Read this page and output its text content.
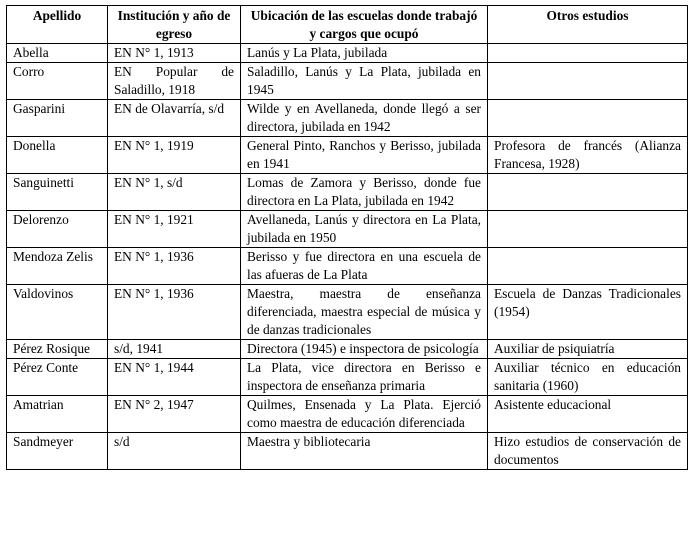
Apellido	Institución y año de egreso	Ubicación de las escuelas donde trabajó y cargos que ocupó	Otros estudios
Abella	EN N° 1, 1913	Lanús y La Plata, jubilada	
Corro	EN Popular de Saladillo, 1918	Saladillo, Lanús y La Plata, jubilada en 1945	
Gasparini	EN de Olavarría, s/d	Wilde y en Avellaneda, donde llegó a ser directora, jubilada en 1942	
Donella	EN N° 1, 1919	General Pinto, Ranchos y Berisso, jubilada en 1941	Profesora de francés (Alianza Francesa, 1928)
Sanguinetti	EN N° 1, s/d	Lomas de Zamora y Berisso, donde fue directora en La Plata, jubilada en 1942	
Delorenzo	EN N° 1, 1921	Avellaneda, Lanús y directora en La Plata, jubilada en 1950	
Mendoza Zelis	EN N° 1, 1936	Berisso y fue directora en una escuela de las afueras de La Plata	
Valdovinos	EN N° 1, 1936	Maestra, maestra de enseñanza diferenciada, maestra especial de música y de danzas tradicionales	Escuela de Danzas Tradicionales (1954)
Pérez Rosique	s/d, 1941	Directora (1945) e inspectora de psicología	Auxiliar de psiquiatría
Pérez Conte	EN N° 1, 1944	La Plata, vice directora en Berisso e inspectora de enseñanza primaria	Auxiliar técnico en educación sanitaria (1960)
Amatrian	EN N° 2, 1947	Quilmes, Ensenada y La Plata. Ejerció como maestra de educación diferenciada	Asistente educacional
Sandmeyer	s/d	Maestra y bibliotecaria	Hizo estudios de conservación de documentos
